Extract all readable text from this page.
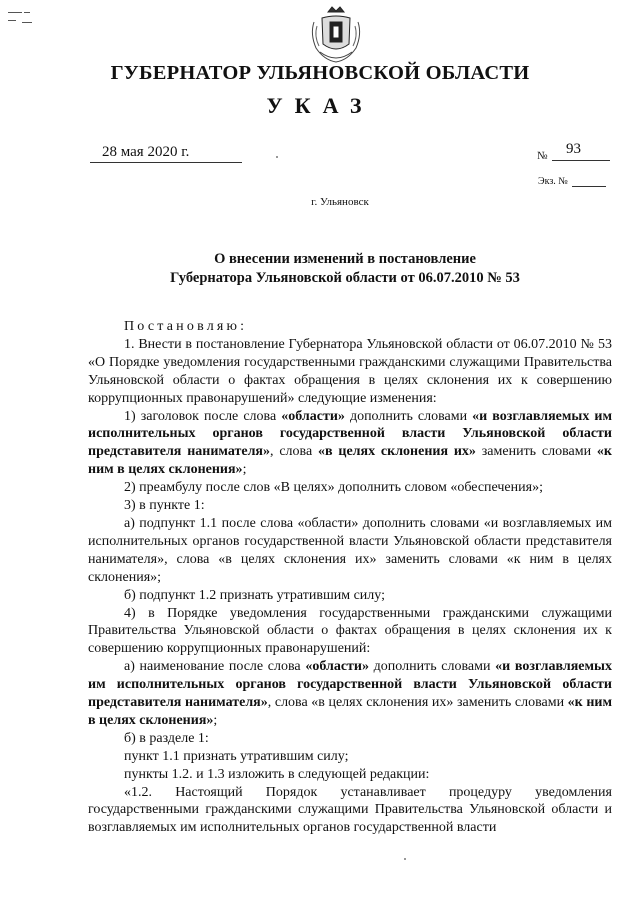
ГУБЕРНАТОР УЛЬЯНОВСКОЙ ОБЛАСТИ
УКАЗ
28 мая 2020 г.	№ 93
Экз. №
г. Ульяновск
О внесении изменений в постановление
Губернатора Ульяновской области от 06.07.2010 № 53

Постановляю:

1. Внести в постановление Губернатора Ульяновской области от 06.07.2010 № 53 «О Порядке уведомления государственными гражданскими служащими Правительства Ульяновской области о фактах обращения в целях склонения их к совершению коррупционных правонарушений» следующие изменения:

1) заголовок после слова «области» дополнить словами «и возглавляемых им исполнительных органов государственной власти Ульяновской области представителя нанимателя», слова «в целях склонения их» заменить словами «к ним в целях склонения»;

2) преамбулу после слов «В целях» дополнить словом «обеспечения»;

3) в пункте 1:

а) подпункт 1.1 после слова «области» дополнить словами «и возглавляемых им исполнительных органов государственной власти Ульяновской области представителя нанимателя», слова «в целях склонения их» заменить словами «к ним в целях склонения»;

б) подпункт 1.2 признать утратившим силу;

4) в Порядке уведомления государственными гражданскими служащими Правительства Ульяновской области о фактах обращения в целях склонения их к совершению коррупционных правонарушений:

а) наименование после слова «области» дополнить словами «и возглавляемых им исполнительных органов государственной власти Ульяновской области представителя нанимателя», слова «в целях склонения их» заменить словами «к ним в целях склонения»;

б) в разделе 1:

пункт 1.1 признать утратившим силу;

пункты 1.2. и 1.3 изложить в следующей редакции:

«1.2. Настоящий Порядок устанавливает процедуру уведомления государственными гражданскими служащими Правительства Ульяновской области и возглавляемых им исполнительных органов государственной власти
